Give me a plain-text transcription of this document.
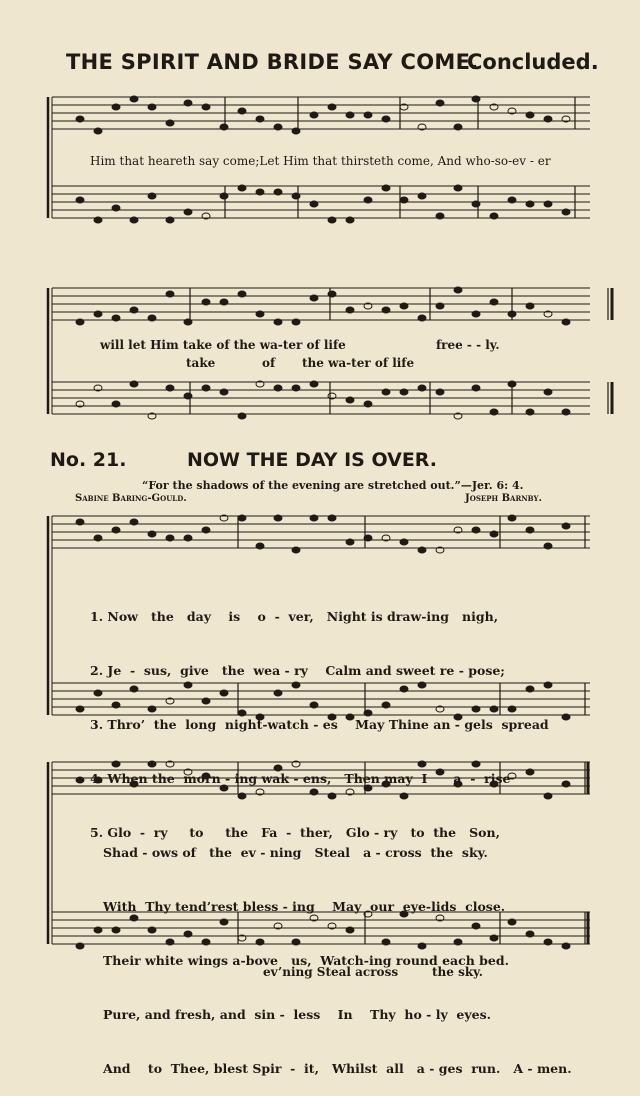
THE SPIRIT AND BRIDE SAY COME.
Concluded.
Him that heareth say come;Let Him that thirsteth come, And who-so-ev - er
will let Him take of the wa-ter of life	free - - ly.
take	of the wa-ter of life
No. 21.	NOW THE DAY IS OVER.
“For the shadows of the evening are stretched out.”—Jer. 6: 4.
Sabine Baring-Gould.	Joseph Barnby.

1. Now   the   day    is    o  -  ver,   Night is draw-ing   nigh,

2. Je  -  sus,  give   the  wea - ry    Calm and sweet re - pose;

3. Thro’  the  long  night-watch - es    May Thine an - gels  spread

4. When the  morn - ing wak - ens,   Then may  I      a  -  rise

5. Glo  -  ry     to     the   Fa  -  ther,   Glo - ry   to  the   Son,

Shad - ows of   the  ev - ning   Steal   a - cross  the  sky.

With  Thy tend’rest bless - ing    May  our  eye-lids  close.

Their white wings a-bove   us,  Watch-ing round each bed.

Pure, and fresh, and  sin -  less    In    Thy  ho - ly  eyes.

And    to  Thee, blest Spir  -  it,   Whilst  all   a - ges  run.   A - men.

ev’ning Steal across	the sky.
